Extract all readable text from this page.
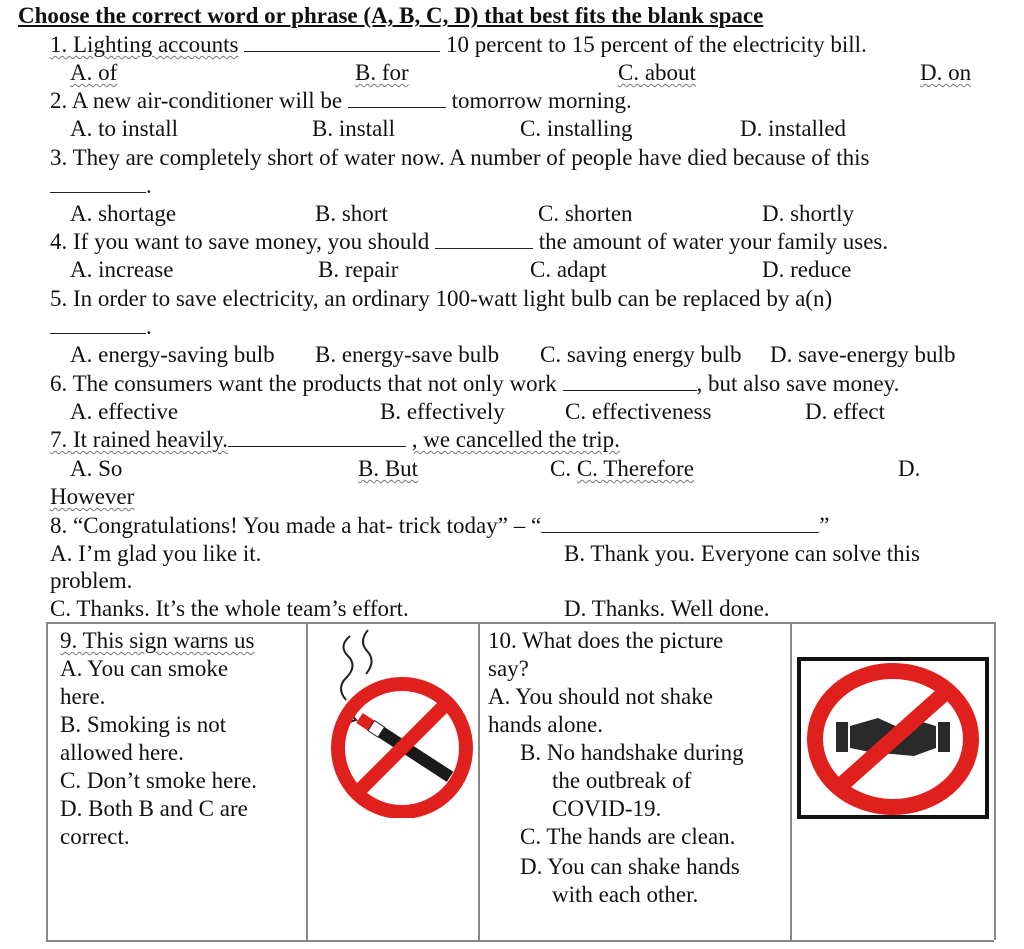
Choose the correct word or phrase (A, B, C, D) that best fits the blank space
1. Lighting accounts	10 percent to 15 percent of the electricity bill.
A. of	B. for	C. about	D. on
2. A new air-conditioner will be	tomorrow morning.
A. to install	B. install	C. installing	D. installed
3. They are completely short of water now. A number of people have died because of this
.
A. shortage	B. short	C. shorten	D. shortly
4. If you want to save money, you should	the amount of water your family uses.
A. increase	B. repair	C. adapt	D. reduce
5. In order to save electricity, an ordinary 100-watt light bulb can be replaced by a(n)
.
A. energy-saving bulb B. energy-save bulb C. saving energy bulb D. save-energy bulb
6. The consumers want the products that not only work	, but also save money.
A. effective	B. effectively	C. effectiveness	D. effect
7. It rained heavily.	, we cancelled the trip.
A. So	B. But	C. C. Therefore	D.
However
8. “Congratulations! You made a hat- trick today” – “	”
A. I’m glad you like it.	B. Thank you. Everyone can solve this
problem.
C. Thanks. It’s the whole team’s effort.	D. Thanks. Well done.
9. This sign warns us
A. You can smoke
here.
B. Smoking is not
allowed here.
C. Don’t smoke here.
D. Both B and C are
correct.
10. What does the picture
say?
A. You should not shake
hands alone.
B. No handshake during
the outbreak of
COVID-19.
C. The hands are clean.
D. You can shake hands
with each other.
